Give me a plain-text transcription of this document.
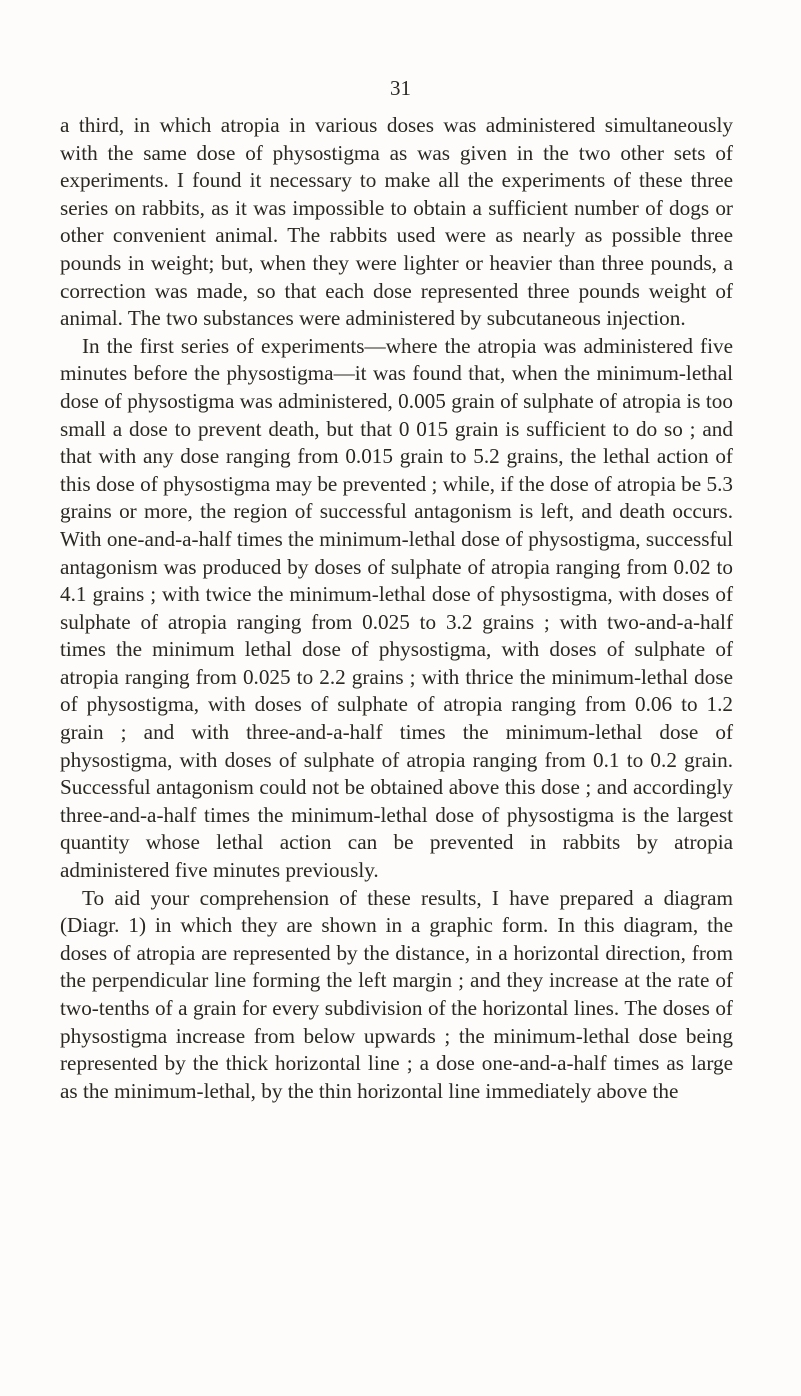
31

a third, in which atropia in various doses was administered simultaneously with the same dose of physostigma as was given in the two other sets of experiments. I found it necessary to make all the experiments of these three series on rabbits, as it was impossible to obtain a sufficient number of dogs or other convenient animal. The rabbits used were as nearly as possible three pounds in weight; but, when they were lighter or heavier than three pounds, a correction was made, so that each dose represented three pounds weight of animal. The two substances were administered by subcutaneous injection.

In the first series of experiments—where the atropia was administered five minutes before the physostigma—it was found that, when the minimum-lethal dose of physostigma was administered, 0.005 grain of sulphate of atropia is too small a dose to prevent death, but that 0 015 grain is sufficient to do so ; and that with any dose ranging from 0.015 grain to 5.2 grains, the lethal action of this dose of physostigma may be prevented ; while, if the dose of atropia be 5.3 grains or more, the region of successful antagonism is left, and death occurs. With one-and-a-half times the minimum-lethal dose of physostigma, successful antagonism was produced by doses of sulphate of atropia ranging from 0.02 to 4.1 grains ; with twice the minimum-lethal dose of physostigma, with doses of sulphate of atropia ranging from 0.025 to 3.2 grains ; with two-and-a-half times the minimum lethal dose of physostigma, with doses of sulphate of atropia ranging from 0.025 to 2.2 grains ; with thrice the minimum-lethal dose of physostigma, with doses of sulphate of atropia ranging from 0.06 to 1.2 grain ; and with three-and-a-half times the minimum-lethal dose of physostigma, with doses of sulphate of atropia ranging from 0.1 to 0.2 grain. Successful antagonism could not be obtained above this dose ; and accordingly three-and-a-half times the minimum-lethal dose of physostigma is the largest quantity whose lethal action can be prevented in rabbits by atropia administered five minutes previously.

To aid your comprehension of these results, I have prepared a diagram (Diagr. 1) in which they are shown in a graphic form. In this diagram, the doses of atropia are represented by the distance, in a horizontal direction, from the perpendicular line forming the left margin ; and they increase at the rate of two-tenths of a grain for every subdivision of the horizontal lines. The doses of physostigma increase from below upwards ; the minimum-lethal dose being represented by the thick horizontal line ; a dose one-and-a-half times as large as the minimum-lethal, by the thin horizontal line immediately above the
